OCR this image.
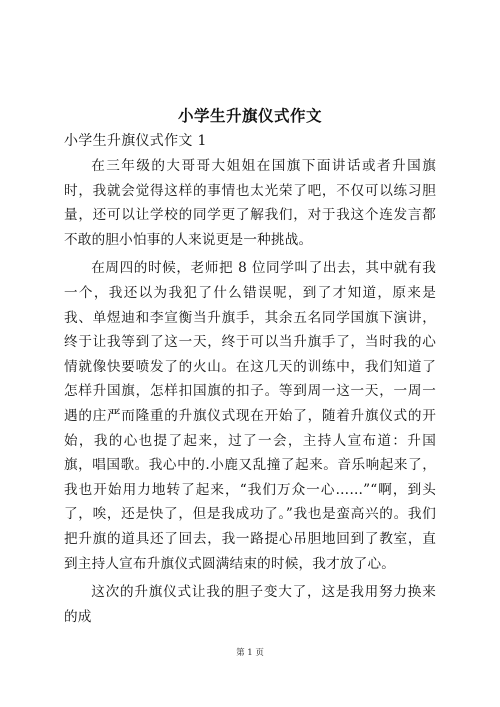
小学生升旗仪式作文
小学生升旗仪式作文 1

在三年级的大哥哥大姐姐在国旗下面讲话或者升国旗时，我就会觉得这样的事情也太光荣了吧，不仅可以练习胆量，还可以让学校的同学更了解我们，对于我这个连发言都不敢的胆小怕事的人来说更是一种挑战。

在周四的时候，老师把 8 位同学叫了出去，其中就有我一个，我还以为我犯了什么错误呢，到了才知道，原来是我、单煜迪和李宣衡当升旗手，其余五名同学国旗下演讲，终于让我等到了这一天，终于可以当升旗手了，当时我的心情就像快要喷发了的火山。在这几天的训练中，我们知道了怎样升国旗，怎样扣国旗的扣子。等到周一这一天，一周一遇的庄严而隆重的升旗仪式现在开始了，随着升旗仪式的开始，我的心也提了起来，过了一会，主持人宣布道：升国旗，唱国歌。我心中的.小鹿又乱撞了起来。音乐响起来了，我也开始用力地转了起来，“我们万众一心……”“啊，到头了，唉，还是快了，但是我成功了。”我也是蛮高兴的。我们把升旗的道具还了回去，我一路提心吊胆地回到了教室，直到主持人宣布升旗仪式圆满结束的时候，我才放了心。

这次的升旗仪式让我的胆子变大了，这是我用努力换来的成

第 1 页
